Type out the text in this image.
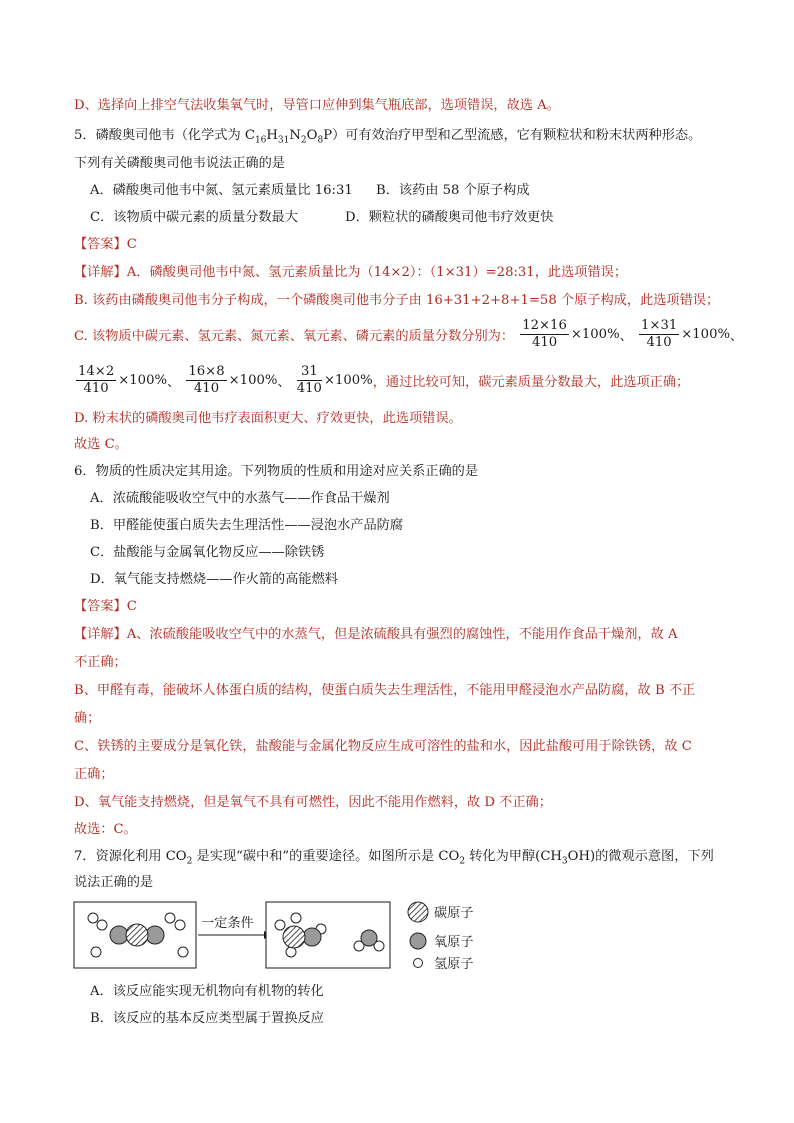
D、选择向上排空气法收集氧气时，导管口应伸到集气瓶底部，选项错误，故选 A。
5．磷酸奥司他韦（化学式为 $C_{16}H_{31}N_2O_8P$）可有效治疗甲型和乙型流感，它有颗粒状和粉末状两种形态。
下列有关磷酸奥司他韦说法正确的是
A．磷酸奥司他韦中氮、氢元素质量比 16:31 B．该药由 58 个原子构成
C．该物质中碳元素的质量分数最大	D．颗粒状的磷酸奥司他韦疗效更快
【答案】C
【详解】A．磷酸奥司他韦中氮、氢元素质量比为（14×2）：（1×31）=28:31，此选项错误；
B. 该药由磷酸奥司他韦分子构成，一个磷酸奥司他韦分子由 16+31+2+8+1=58 个原子构成，此选项错误；
C. 该物质中碳元素、氢元素、氮元素、氧元素、磷元素的质量分数分别为： $\frac{12\times 16}{410} \times 100\%$、 $\frac{1\times 31}{410} \times 100\%$、
$\frac{14\times 2}{410} \times 100\%$、 $\frac{16\times 8}{410} \times 100\%$、 $\frac{31}{410} \times 100\%$，通过比较可知，碳元素质量分数最大，此选项正确；
D. 粉末状的磷酸奥司他韦疗表面积更大、疗效更快，此选项错误。
故选 C。
6．物质的性质决定其用途。下列物质的性质和用途对应关系正确的是
A．浓硫酸能吸收空气中的水蒸气——作食品干燥剂
B．甲醛能使蛋白质失去生理活性——浸泡水产品防腐
C．盐酸能与金属氧化物反应——除铁锈
D．氧气能支持燃烧——作火箭的高能燃料
【答案】C
【详解】A、浓硫酸能吸收空气中的水蒸气，但是浓硫酸具有强烈的腐蚀性，不能用作食品干燥剂，故 A
不正确；
B、甲醛有毒，能破坏人体蛋白质的结构，使蛋白质失去生理活性，不能用甲醛浸泡水产品防腐，故 B 不正
确；
C、铁锈的主要成分是氧化铁，盐酸能与金属化物反应生成可溶性的盐和水，因此盐酸可用于除铁锈，故 C
正确；
D、氧气能支持燃烧，但是氧气不具有可燃性，因此不能用作燃料，故 D 不正确；
故选：C。
7．资源化利用 $CO_2$ 是实现“碳中和”的重要途径。如图所示是 $CO_2$ 转化为甲醇$(CH_3OH)$的微观示意图，下列
说法正确的是
一定条件
碳原子
氧原子
氢原子
A．该反应能实现无机物向有机物的转化
B．该反应的基本反应类型属于置换反应
